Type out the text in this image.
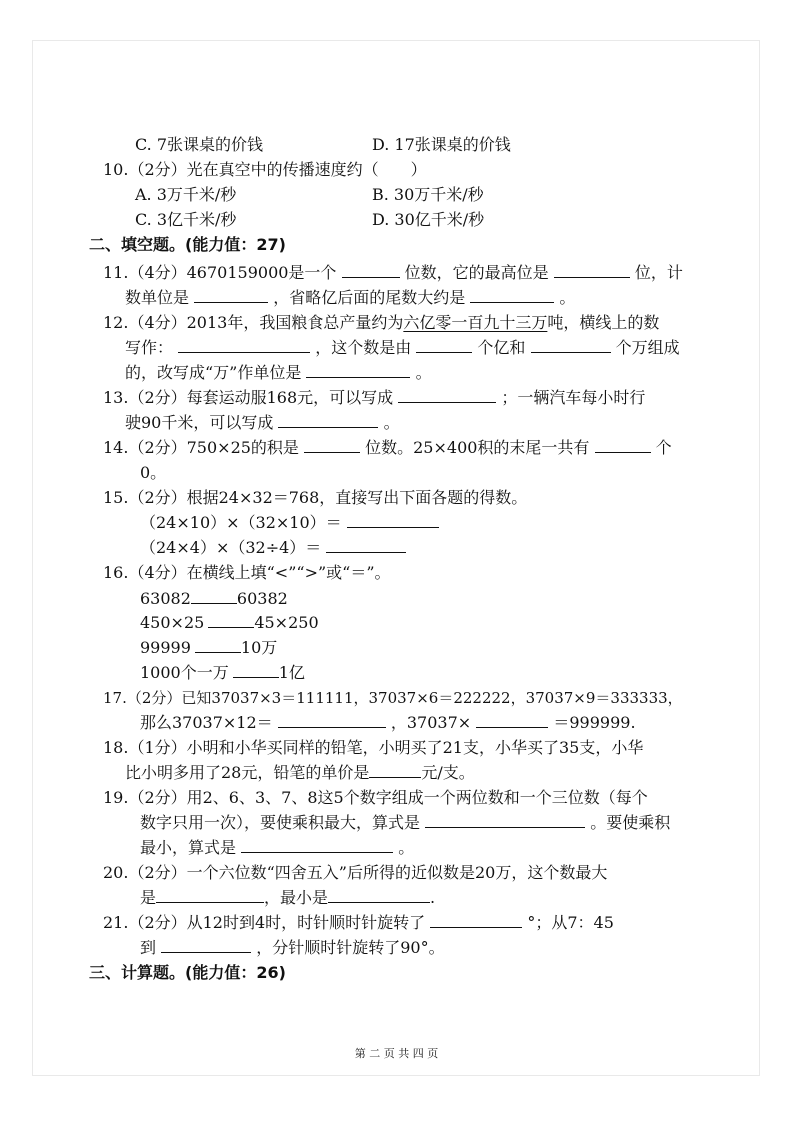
C. 7张课桌的价钱	D. 17张课桌的价钱
10.（2分）光在真空中的传播速度约（　　）
A. 3万千米/秒	B. 30万千米/秒
C. 3亿千米/秒	D. 30亿千米/秒
二、填空题。(能力值：27)
11.（4分）4670159000是一个	位数，它的最高位是	位，计
数单位是	，省略亿后面的尾数大约是	。
12.（4分）2013年，我国粮食总产量约为六亿零一百九十三万吨，横线上的数
写作：	，这个数是由	个亿和	个万组成
的，改写成“万”作单位是	。
13.（2分）每套运动服168元，可以写成	；一辆汽车每小时行
驶90千米，可以写成	。
14.（2分）750×25的积是	位数。25×400积的末尾一共有	个
0。
15.（2分）根据24×32＝768，直接写出下面各题的得数。
（24×10）×（32×10）＝
（24×4）×（32÷4）＝
16.（4分）在横线上填“<”“>”或“＝”。
63082	60382
450×25	45×250
99999	10万
1000个一万	1亿
17.（2分）已知37037×3＝111111，37037×6＝222222，37037×9＝333333，
那么37037×12＝	，37037×	＝999999.
18.（1分）小明和小华买同样的铅笔，小明买了21支，小华买了35支，小华
比小明多用了28元，铅笔的单价是	元/支。
19.（2分）用2、6、3、7、8这5个数字组成一个两位数和一个三位数（每个
数字只用一次），要使乘积最大，算式是	。要使乘积
最小，算式是	。
20.（2分）一个六位数“四舍五入”后所得的近似数是20万，这个数最大
是	，最小是	.
21.（2分）从12时到4时，时针顺时针旋转了	°；从7：45
到	，分针顺时针旋转了90°。
三、计算题。(能力值：26)
第 二 页 共 四 页
